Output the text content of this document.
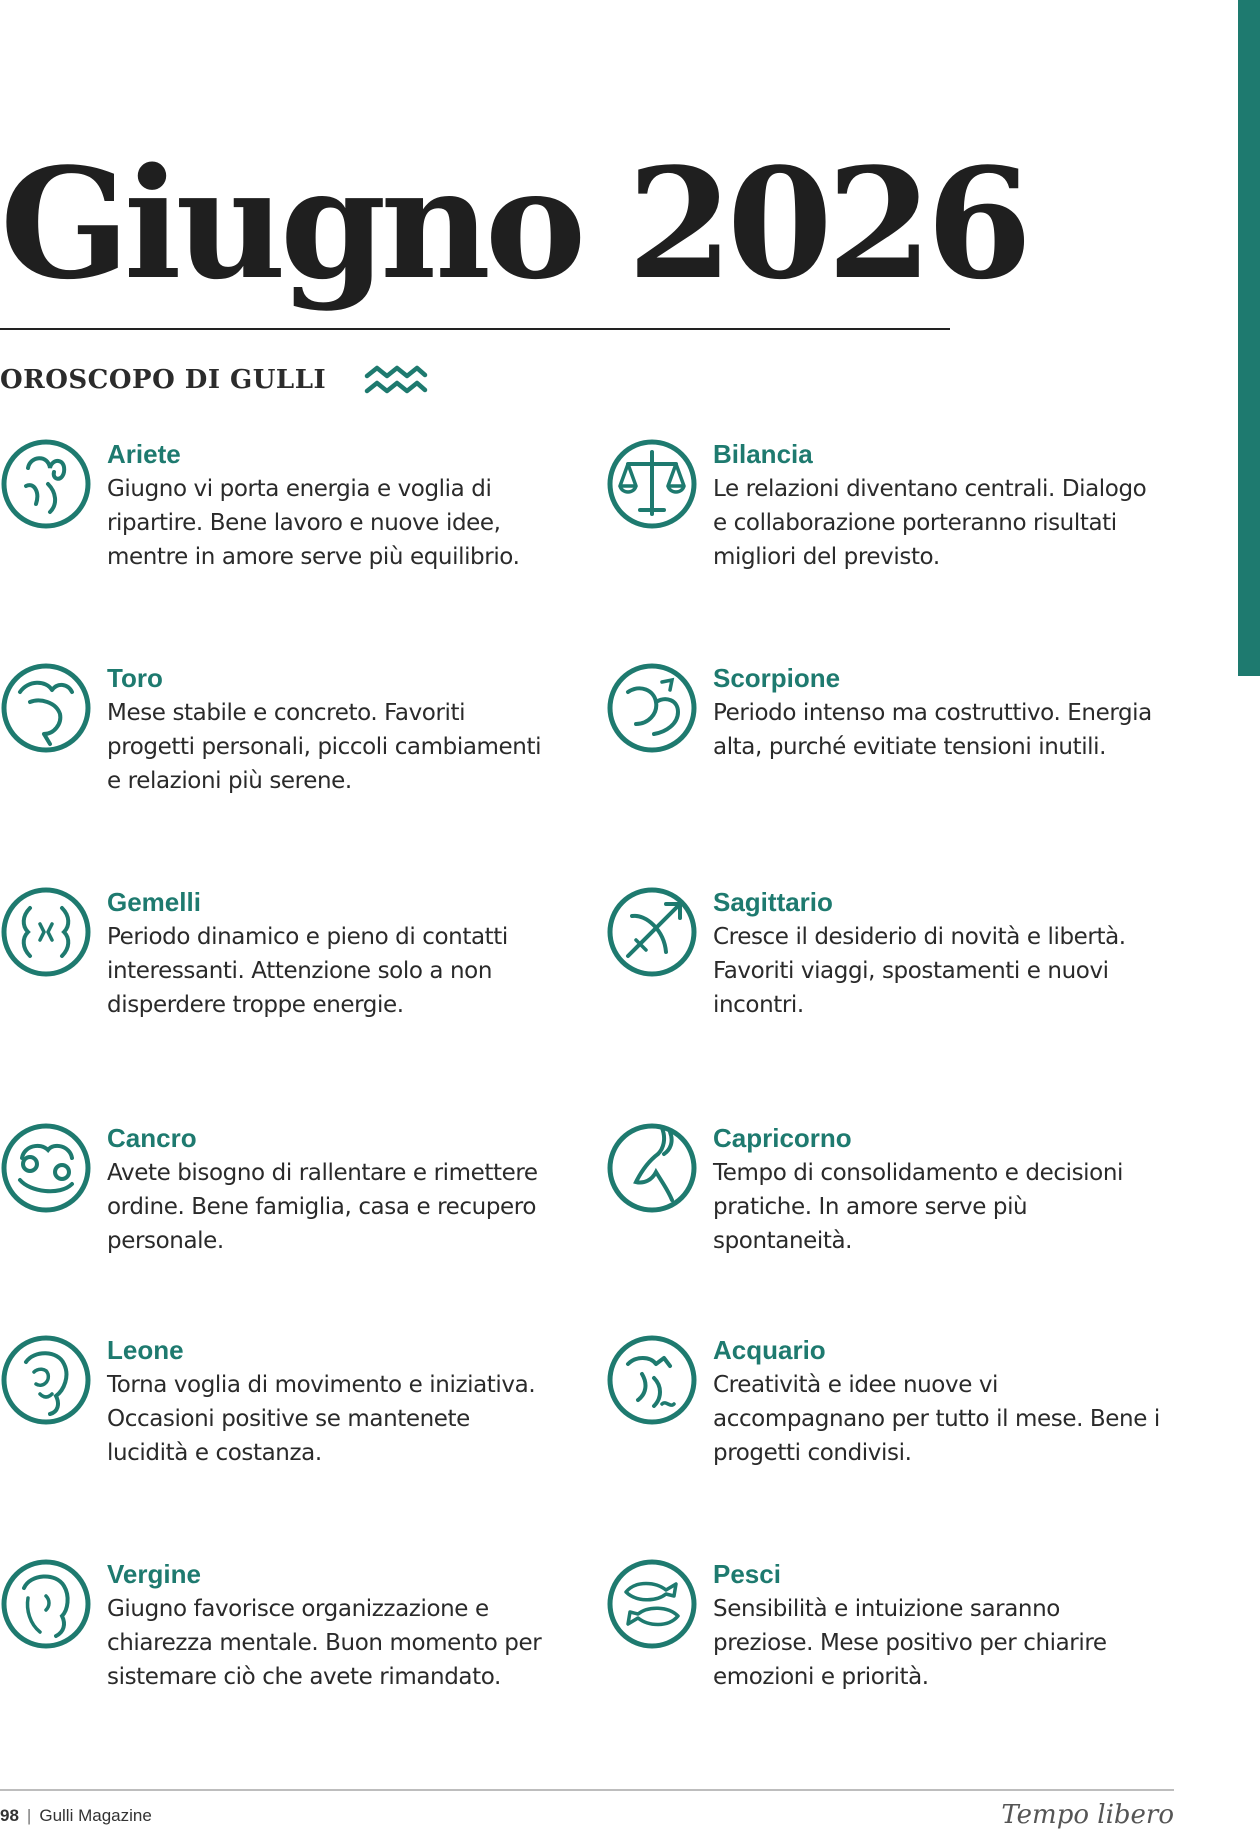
Giugno 2026
OROSCOPO DI GULLI
Ariete
Giugno vi porta energia e voglia di ripartire. Bene lavoro e nuove idee, mentre in amore serve più equilibrio.
Toro
Mese stabile e concreto. Favoriti progetti personali, piccoli cambiamenti e relazioni più serene.
Gemelli
Periodo dinamico e pieno di contatti interessanti. Attenzione solo a non disperdere troppe energie.
Cancro
Avete bisogno di rallentare e rimettere ordine. Bene famiglia, casa e recupero personale.
Leone
Torna voglia di movimento e iniziativa. Occasioni positive se mantenete lucidità e costanza.
Vergine
Giugno favorisce organizzazione e chiarezza mentale. Buon momento per sistemare ciò che avete rimandato.
Bilancia
Le relazioni diventano centrali. Dialogo e collaborazione porteranno risultati migliori del previsto.
Scorpione
Periodo intenso ma costruttivo. Energia alta, purché evitiate tensioni inutili.
Sagittario
Cresce il desiderio di novità e libertà. Favoriti viaggi, spostamenti e nuovi incontri.
Capricorno
Tempo di consolidamento e decisioni pratiche. In amore serve più spontaneità.
Acquario
Creatività e idee nuove vi accompagnano per tutto il mese. Bene i progetti condivisi.
Pesci
Sensibilità e intuizione saranno preziose. Mese positivo per chiarire emozioni e priorità.
98 | Gulli Magazine	Tempo libero
